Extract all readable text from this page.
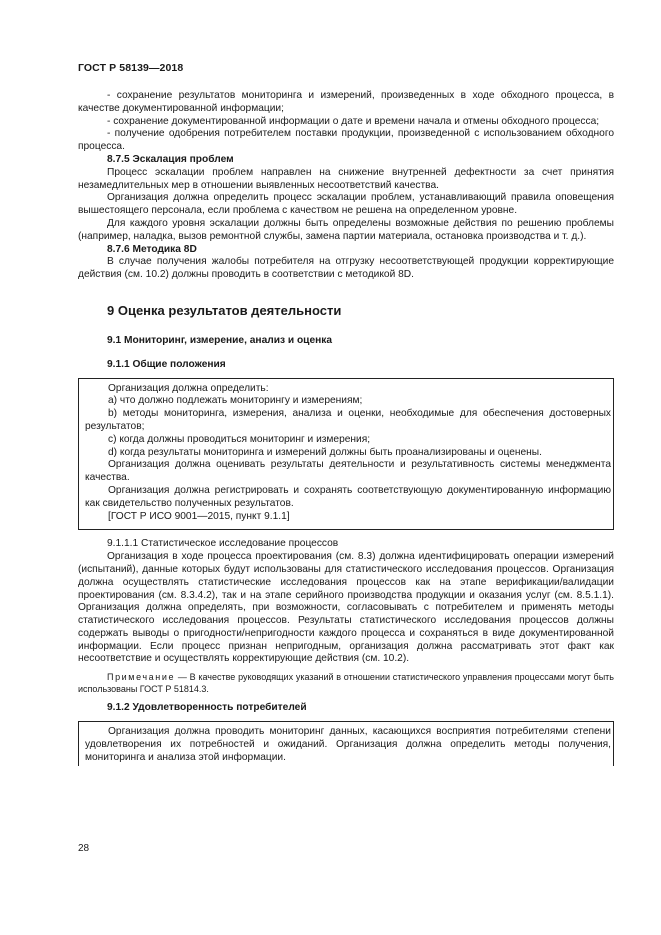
ГОСТ Р 58139—2018

- сохранение результатов мониторинга и измерений, произведенных в ходе обходного процесса, в качестве документированной информации;

- сохранение документированной информации о дате и времени начала и отмены обходного процесса;

- получение одобрения потребителем поставки продукции, произведенной с использованием обходного процесса.

8.7.5 Эскалация проблем

Процесс эскалации проблем направлен на снижение внутренней дефектности за счет принятия незамедлительных мер в отношении выявленных несоответствий качества.

Организация должна определить процесс эскалации проблем, устанавливающий правила оповещения вышестоящего персонала, если проблема с качеством не решена на определенном уровне.

Для каждого уровня эскалации должны быть определены возможные действия по решению проблемы (например, наладка, вызов ремонтной службы, замена партии материала, остановка производства и т. д.).

8.7.6 Методика 8D

В случае получения жалобы потребителя на отгрузку несоответствующей продукции корректирующие действия (см. 10.2) должны проводить в соответствии с методикой 8D.

9 Оценка результатов деятельности
9.1 Мониторинг, измерение, анализ и оценка
9.1.1 Общие положения

Организация должна определить:

a) что должно подлежать мониторингу и измерениям;

b) методы мониторинга, измерения, анализа и оценки, необходимые для обеспечения достоверных результатов;

c) когда должны проводиться мониторинг и измерения;

d) когда результаты мониторинга и измерений должны быть проанализированы и оценены.

Организация должна оценивать результаты деятельности и результативность системы менеджмента качества.

Организация должна регистрировать и сохранять соответствующую документированную информацию как свидетельство полученных результатов.

[ГОСТ Р ИСО 9001—2015, пункт 9.1.1]

9.1.1.1 Статистическое исследование процессов

Организация в ходе процесса проектирования (см. 8.3) должна идентифицировать операции измерений (испытаний), данные которых будут использованы для статистического исследования процессов. Организация должна осуществлять статистические исследования процессов как на этапе верификации/валидации проектирования (см. 8.3.4.2), так и на этапе серийного производства продукции и оказания услуг (см. 8.5.1.1). Организация должна определять, при возможности, согласовывать с потребителем и применять методы статистического исследования процессов. Результаты статистического исследования процессов должны содержать выводы о пригодности/непригодности каждого процесса и сохраняться в виде документированной информации. Если процесс признан непригодным, организация должна рассматривать этот факт как несоответствие и осуществлять корректирующие действия (см. 10.2).

Примечание — В качестве руководящих указаний в отношении статистического управления процессами могут быть использованы ГОСТ Р 51814.3.

9.1.2 Удовлетворенность потребителей

Организация должна проводить мониторинг данных, касающихся восприятия потребителями степени удовлетворения их потребностей и ожиданий. Организация должна определить методы получения, мониторинга и анализа этой информации.

28
